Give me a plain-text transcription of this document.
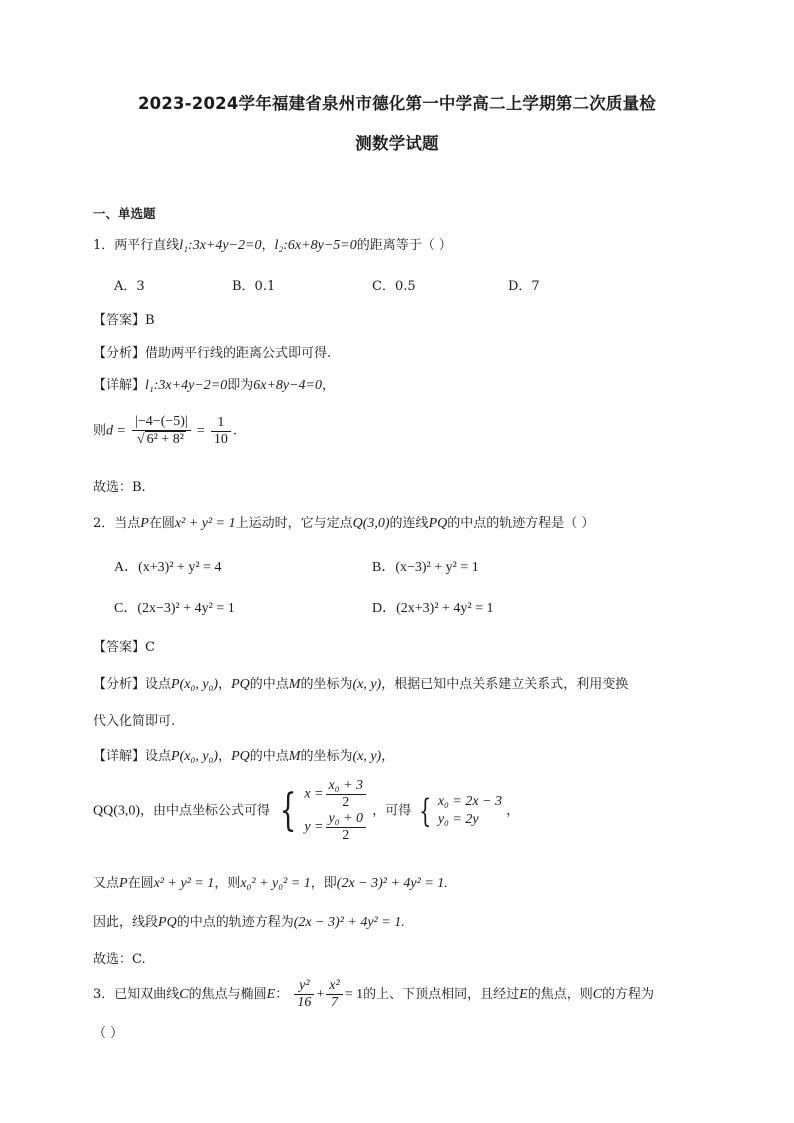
2023-2024学年福建省泉州市德化第一中学高二上学期第二次质量检
测数学试题
一、单选题
1．两平行直线l₁:3x+4y−2=0，l₂:6x+8y−5=0的距离等于（ ）
A．3	B．0.1	C．0.5	D．7
【答案】B
【分析】借助两平行线的距离公式即可得.
【详解】l₁:3x+4y−2=0即为6x+8y−4=0，
则$d = \frac{|-4-(-5)|}{\text{√ 6² + 8²}} = \frac{1}{10}$ .
故选：B.
2．当点P在圆x² + y² = 1上运动时，它与定点Q(3,0)的连线PQ的中点的轨迹方程是（ ）
A．(x+3)² + y² = 4	B．(x−3)² + y² = 1
C．(2x−3)² + 4y² = 1	D．(2x+3)² + 4y² = 1
【答案】C
【分析】设点P(x₀, y₀)，PQ的中点M的坐标为(x, y)，根据已知中点关系建立关系式，利用变换
代入化简即可.
【详解】设点P(x₀, y₀)，PQ的中点M的坐标为(x, y)，
QQ(3,0)，由中点坐标公式可得 { $x = \frac{\text{x₀ + 3}}{2}$
$y = \frac{\text{y₀ + 0}}{2}$ ，可得 { x₀ = 2x − 3
y₀ = 2y
，
又点P在圆x² + y² = 1，则x₀² + y₀² = 1，即(2x − 3)² + 4y² = 1.
因此，线段PQ的中点的轨迹方程为(2x − 3)² + 4y² = 1.
故选：C.
3．已知双曲线C的焦点与椭圆E： $\frac{\text{y²}}{16} + \frac{\text{x²}}{7} = 1$的上、下顶点相同，且经过E的焦点，则C的方程为
（ ）
